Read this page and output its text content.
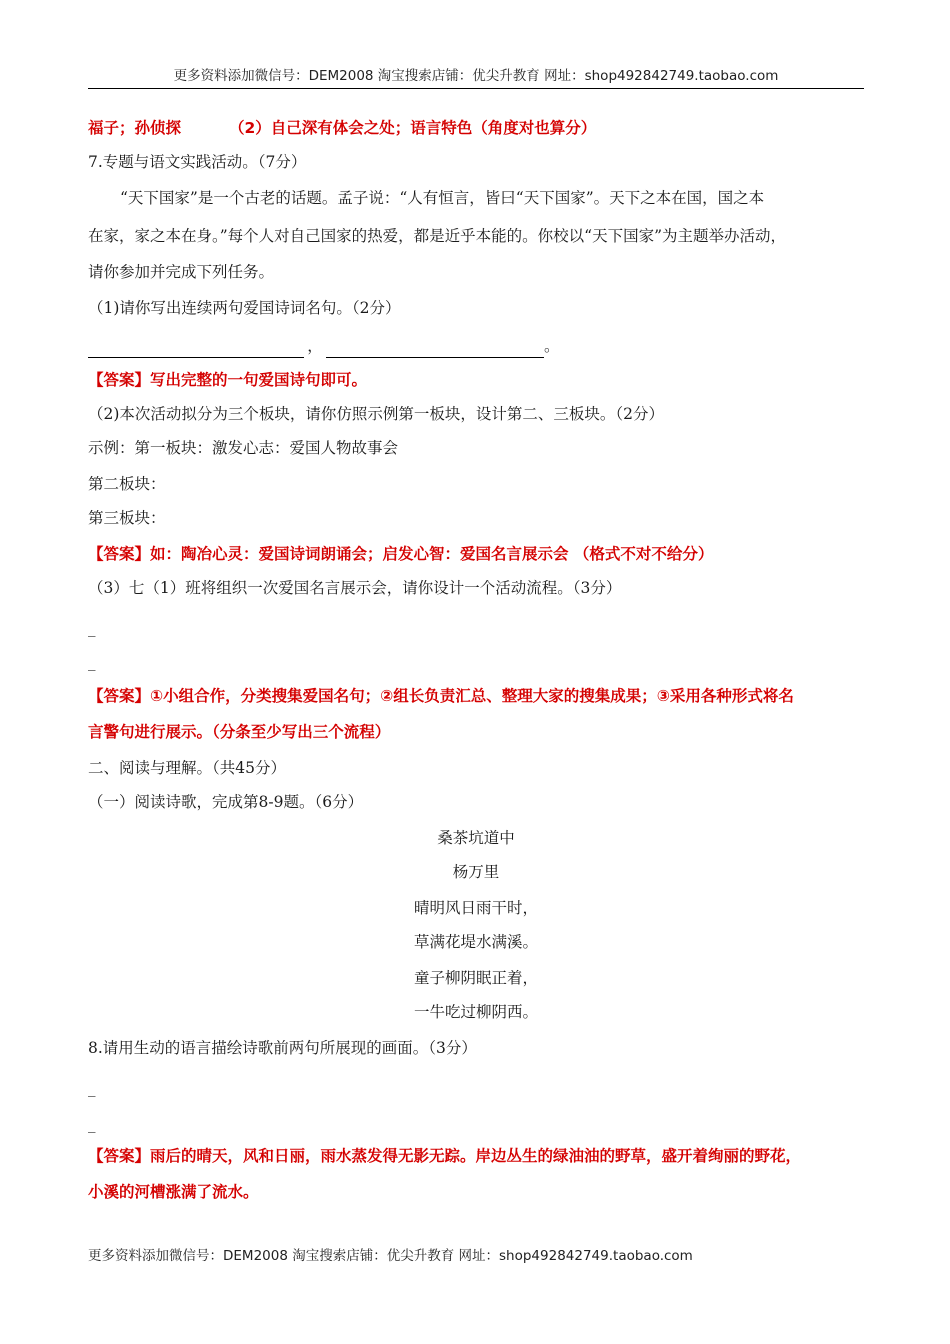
更多资料添加微信号：DEM2008 淘宝搜索店铺：优尖升教育 网址：shop492842749.taobao.com
福子；孙侦探	（2）自己深有体会之处；语言特色（角度对也算分）
7.专题与语文实践活动。（7分）
“天下国家”是一个古老的话题。孟子说：“人有恒言，皆曰“天下国家”。天下之本在国，国之本
在家，家之本在身。”每个人对自己国家的热爱，都是近乎本能的。你校以“天下国家”为主题举办活动，
请你参加并完成下列任务。
（1)请你写出连续两句爱国诗词名句。（2分）
，	。
【答案】写出完整的一句爱国诗句即可。
（2)本次活动拟分为三个板块，请你仿照示例第一板块，设计第二、三板块。（2分）
示例：第一板块：激发心志：爱国人物故事会
第二板块：
第三板块：
【答案】如：陶冶心灵：爱国诗词朗诵会；启发心智：爱国名言展示会 （格式不对不给分）
（3）七（1）班将组织一次爱国名言展示会，请你设计一个活动流程。（3分）
_
_
【答案】①小组合作，分类搜集爱国名句；②组长负责汇总、整理大家的搜集成果；③采用各种形式将名
言警句进行展示。（分条至少写出三个流程）
二、阅读与理解。（共45分）
（一）阅读诗歌，完成第8-9题。（6分）
桑茶坑道中
杨万里
晴明风日雨干时，
草满花堤水满溪。
童子柳阴眠正着，
一牛吃过柳阴西。
8.请用生动的语言描绘诗歌前两句所展现的画面。（3分）
_
_
【答案】雨后的晴天，风和日丽，雨水蒸发得无影无踪。岸边丛生的绿油油的野草，盛开着绚丽的野花，
小溪的河槽涨满了流水。
更多资料添加微信号：DEM2008 淘宝搜索店铺：优尖升教育 网址：shop492842749.taobao.com
